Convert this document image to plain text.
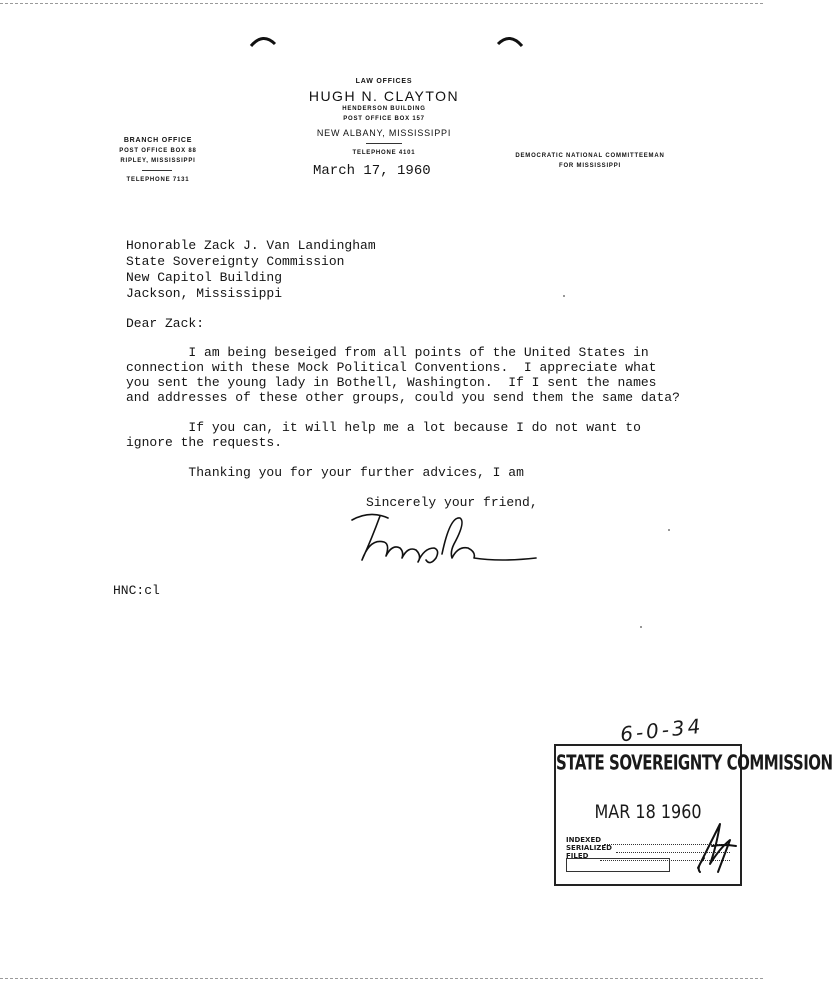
LAW OFFICES
HUGH N. CLAYTON
HENDERSON BUILDING
POST OFFICE BOX 157
NEW ALBANY, MISSISSIPPI
TELEPHONE 4101
BRANCH OFFICE
POST OFFICE BOX 88
RIPLEY, MISSISSIPPI
TELEPHONE 7131
DEMOCRATIC NATIONAL COMMITTEEMAN
FOR MISSISSIPPI
March 17, 1960
Honorable Zack J. Van Landingham
State Sovereignty Commission
New Capitol Building
Jackson, Mississippi
Dear Zack:
I am being beseiged from all points of the United States in
connection with these Mock Political Conventions.  I appreciate what
you sent the young lady in Bothell, Washington.  If I sent the names
and addresses of these other groups, could you send them the same data?
If you can, it will help me a lot because I do not want to
ignore the requests.
Thanking you for your further advices, I am
Sincerely your friend,
HNC:cl
6-0-34
STATE SOVEREIGNTY COMMISSION
MAR 18 1960
INDEXED
SERIALIZED
FILED
